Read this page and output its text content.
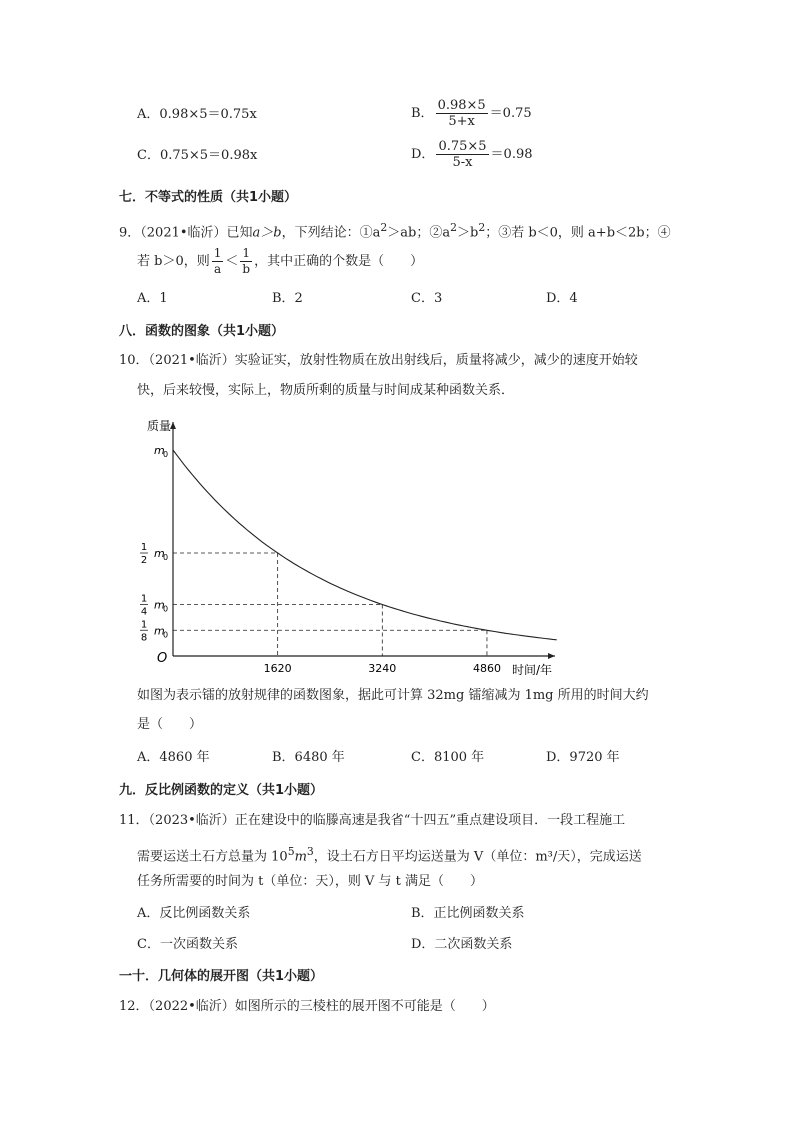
A．0.98×5＝0.75x	B． $\frac{0.98\times 5}{5+x} =0.75$
C．0.75×5＝0.98x	D． $\frac{0.75\times 5}{5-x} =0.98$
七．不等式的性质（共1小题）
9．（2021•临沂）已知a＞b，下列结论：$①a^2>ab$；$②a^2>b^2$；③若 b＜0，则 a+b＜2b；④
若 b＞0，则 $\frac{1}{a} < \frac{1}{b}$ ，其中正确的个数是（　　）
A．1	B．2	C．3	D．4
八．函数的图象（共1小题）
10．（2021•临沂）实验证实，放射性物质在放出射线后，质量将减少，减少的速度开始较
快，后来较慢，实际上，物质所剩的质量与时间成某种函数关系．
质量
时间/年
O
1620	3240	4860
m
0
m
0
1
2
m
0
1
4
m
0
1
8
如图为表示镭的放射规律的函数图象，据此可计算 32mg 镭缩减为 1mg 所用的时间大约
是（　　）
A．4860 年	B．6480 年	C．8100 年	D．9720 年
九．反比例函数的定义（共1小题）
11．（2023•临沂）正在建设中的临滕高速是我省“十四五”重点建设项目．一段工程施工
需要运送土石方总量为 $10^5m^3$，设土石方日平均运送量为 V（单位：m³/天），完成运送
任务所需要的时间为 t（单位：天），则 V 与 t 满足（　　）
A．反比例函数关系	B．正比例函数关系
C．一次函数关系	D．二次函数关系
一十．几何体的展开图（共1小题）
12．（2022•临沂）如图所示的三棱柱的展开图不可能是（　　）
